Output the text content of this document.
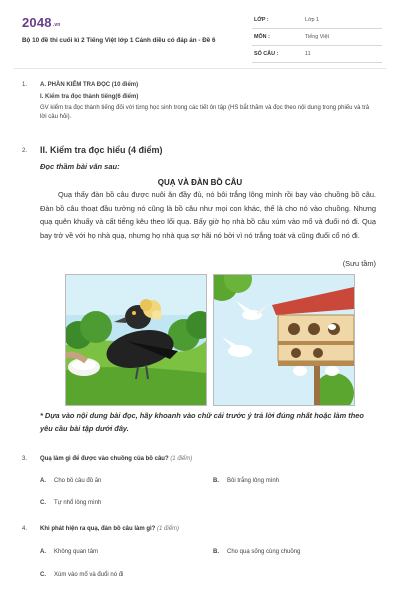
2048.vn
Bộ 10 đề thi cuối kì 2 Tiếng Việt lớp 1 Cánh diều có đáp án - Đề 6
LỚP :	Lớp 1
MÔN :	Tiếng Việt
SỐ CÂU :	11
1. A. PHẦN KIỂM TRA ĐỌC (10 điểm)
I. Kiểm tra đọc thành tiếng(6 điểm)
GV kiểm tra đọc thành tiếng đối với từng học sinh trong các tiết ôn tập (HS bắt thăm và đọc theo nội dung trong phiếu và trả lời câu hỏi).
2. II. Kiểm tra đọc hiểu (4 điểm)
Đọc thầm bài văn sau:
QUẠ VÀ ĐÀN BỒ CÂU
Quạ thấy đàn bồ câu được nuôi ăn đầy đủ, nó bôi trắng lông mình rồi bay vào chuồng bồ câu. Đàn bồ câu thoạt đầu tưởng nó cũng là bồ câu như mọi con khác, thế là cho nó vào chuồng. Nhưng quạ quên khuấy và cất tiếng kêu theo lối quạ. Bấy giờ họ nhà bồ câu xúm vào mổ và đuổi nó đi. Quạ bay trở về với họ nhà quạ, nhưng họ nhà quạ sợ hãi nó bởi vì nó trắng toát và cũng đuổi cổ nó đi.
(Sưu tầm)
* Dựa vào nội dung bài đọc, hãy khoanh vào chữ cái trước ý trả lời đúng nhất hoặc làm theo yêu cầu bài tập dưới đây.
3. Quạ làm gì để được vào chuồng của bồ câu? (1 điểm)
A. Cho bồ câu đồ ăn	B. Bôi trắng lông mình
C. Tự nhổ lông mình
4. Khi phát hiện ra quạ, đàn bồ câu làm gì? (1 điểm)
A. Không quan tâm	B. Cho quạ sống cùng chuồng
C. Xúm vào mổ và đuổi nó đi
